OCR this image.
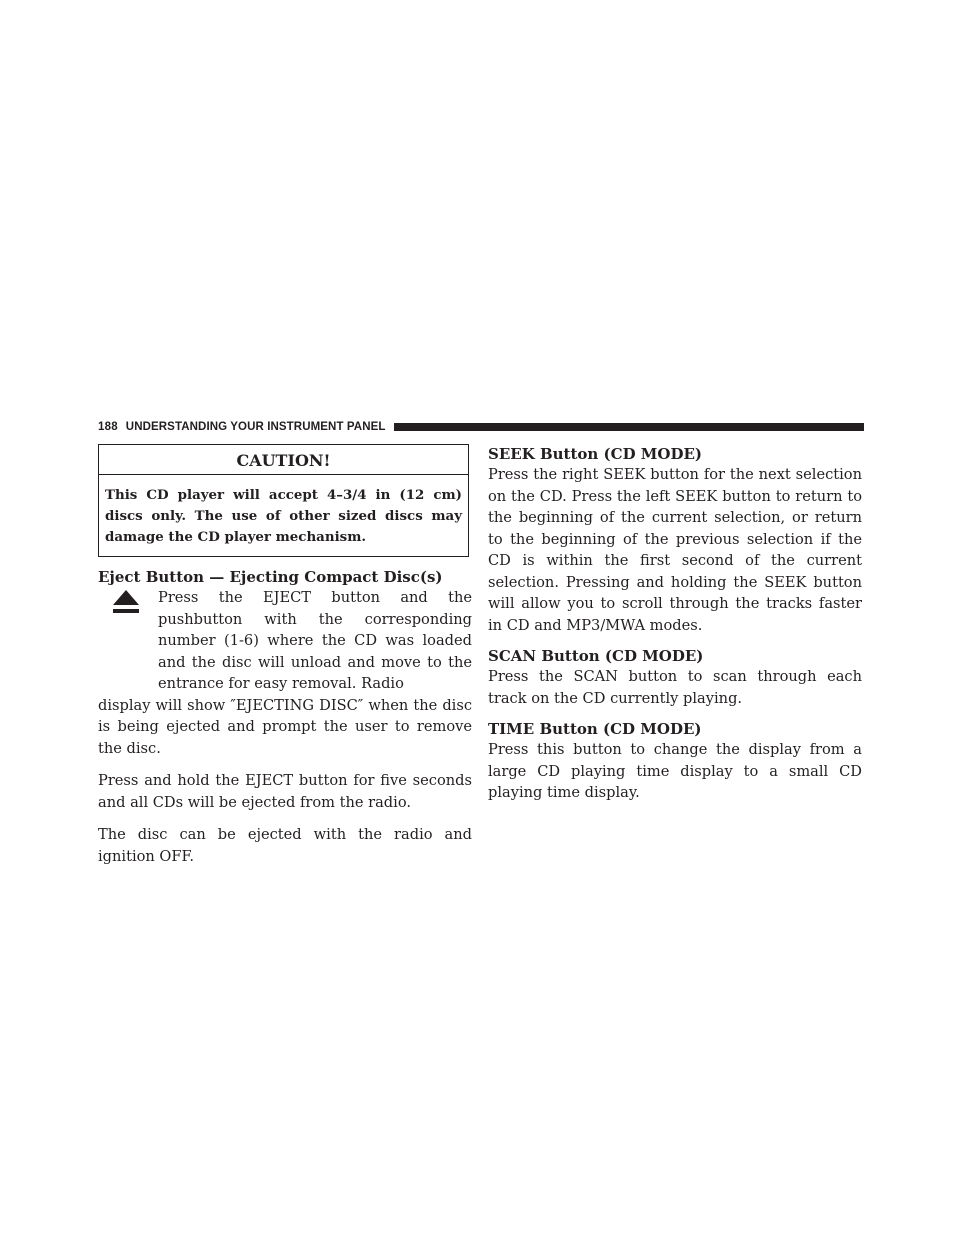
188 UNDERSTANDING YOUR INSTRUMENT PANEL
CAUTION!
This CD player will accept 4–3/4 in (12 cm) discs only. The use of other sized discs may damage the CD player mechanism.

Eject Button — Ejecting Compact Disc(s)

Press the EJECT button and the pushbutton with the corresponding number (1-6) where the CD was loaded and the disc will unload and move to the entrance for easy removal. Radio

display will show ″EJECTING DISC″ when the disc is being ejected and prompt the user to remove the disc.

Press and hold the EJECT button for five seconds and all CDs will be ejected from the radio.

The disc can be ejected with the radio and ignition OFF.

SEEK Button (CD MODE)

Press the right SEEK button for the next selection on the CD. Press the left SEEK button to return to the beginning of the current selection, or return to the beginning of the previous selection if the CD is within the first second of the current selection. Pressing and holding the SEEK button will allow you to scroll through the tracks faster in CD and MP3/MWA modes.

SCAN Button (CD MODE)

Press the SCAN button to scan through each track on the CD currently playing.

TIME Button (CD MODE)

Press this button to change the display from a large CD playing time display to a small CD playing time display.
